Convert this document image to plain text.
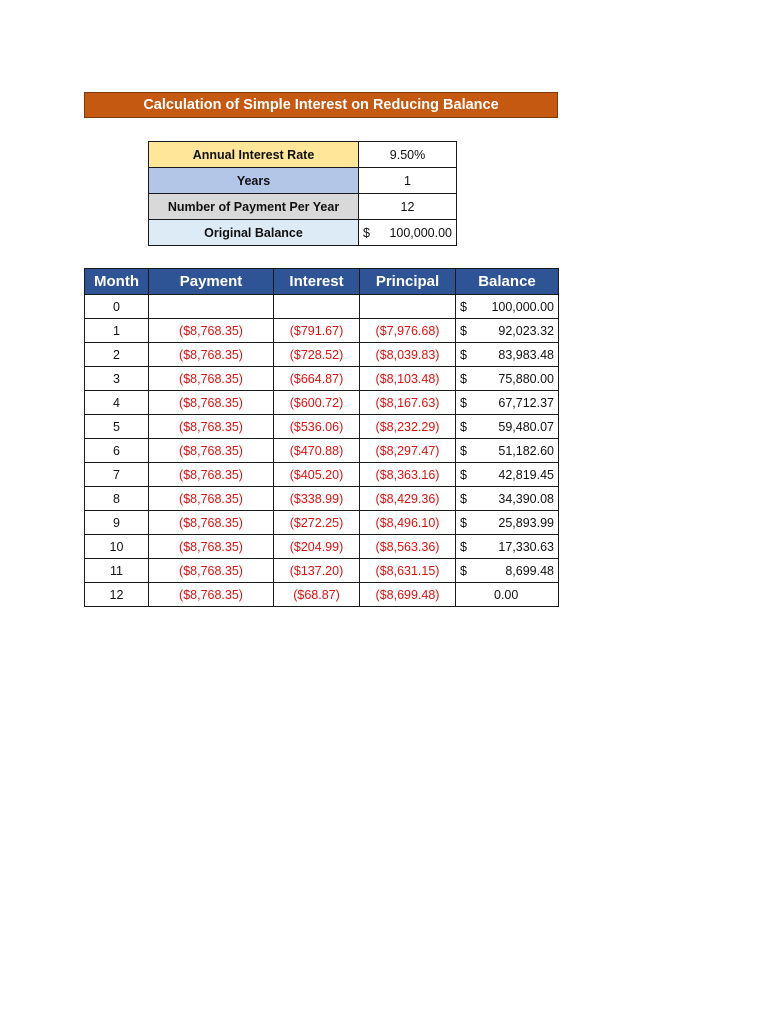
Calculation of Simple Interest on Reducing Balance
Annual Interest Rate	9.50%
Years	1
Number of Payment Per Year	12
Original Balance	$ 100,000.00
Month	Payment	Interest	Principal	Balance
0				$ 100,000.00
1	($8,768.35)	($791.67)	($7,976.68)	$ 92,023.32
2	($8,768.35)	($728.52)	($8,039.83)	$ 83,983.48
3	($8,768.35)	($664.87)	($8,103.48)	$ 75,880.00
4	($8,768.35)	($600.72)	($8,167.63)	$ 67,712.37
5	($8,768.35)	($536.06)	($8,232.29)	$ 59,480.07
6	($8,768.35)	($470.88)	($8,297.47)	$ 51,182.60
7	($8,768.35)	($405.20)	($8,363.16)	$ 42,819.45
8	($8,768.35)	($338.99)	($8,429.36)	$ 34,390.08
9	($8,768.35)	($272.25)	($8,496.10)	$ 25,893.99
10	($8,768.35)	($204.99)	($8,563.36)	$ 17,330.63
11	($8,768.35)	($137.20)	($8,631.15)	$ 8,699.48
12	($8,768.35)	($68.87)	($8,699.48)	0.00
